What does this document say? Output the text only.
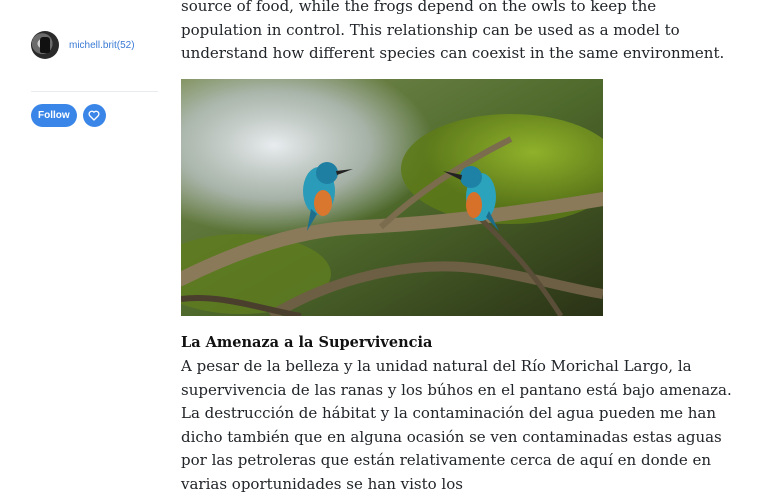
michell.brit(52)
Follow

source of food, while the frogs depend on the owls to keep the population in control. This relationship can be used as a model to understand how different species can coexist in the same environment.

La Amenaza a la Supervivencia

A pesar de la belleza y la unidad natural del Río Morichal Largo, la supervivencia de las ranas y los búhos en el pantano está bajo amenaza. La destrucción de hábitat y la contaminación del agua pueden me han dicho también que en alguna ocasión se ven contaminadas estas aguas por las petroleras que están relativamente cerca de aquí en donde en varias oportunidades se han visto los
